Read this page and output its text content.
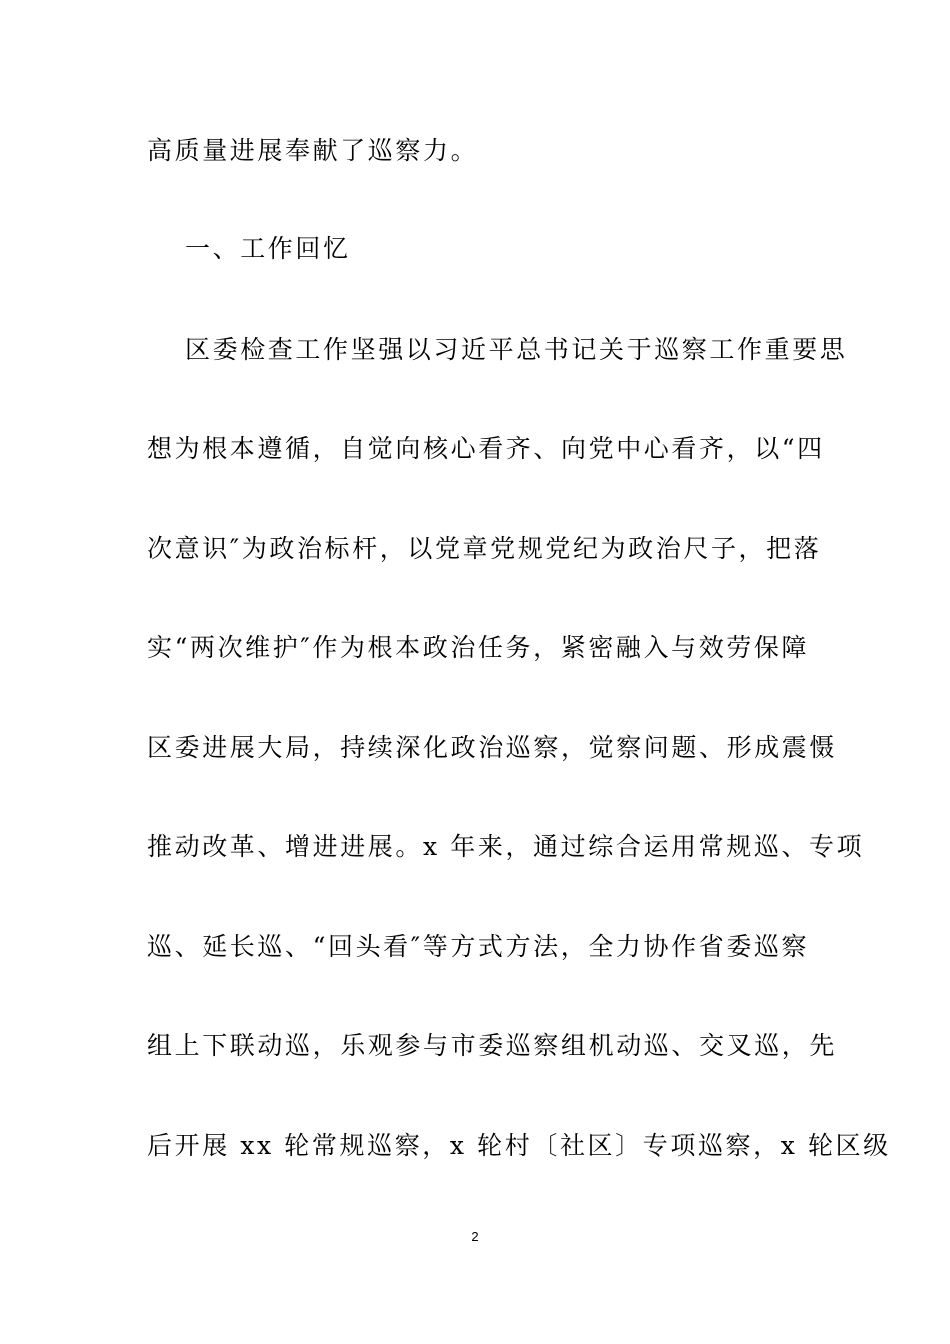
高质量进展奉献了巡察力。
一、工作回忆
区委检查工作坚强以习近平总书记关于巡察工作重要思
想为根本遵循，自觉向核心看齐、向党中心看齐，以“四
次意识″为政治标杆，以党章党规党纪为政治尺子，把落
实“两次维护″作为根本政治任务，紧密融入与效劳保障
区委进展大局，持续深化政治巡察，觉察问题、形成震慑
推动改革、增进进展。x 年来，通过综合运用常规巡、专项
巡、延长巡、“回头看″等方式方法，全力协作省委巡察
组上下联动巡，乐观参与市委巡察组机动巡、交叉巡，先
后开展 xx 轮常规巡察，x 轮村〔社区〕专项巡察，x 轮区级
2
